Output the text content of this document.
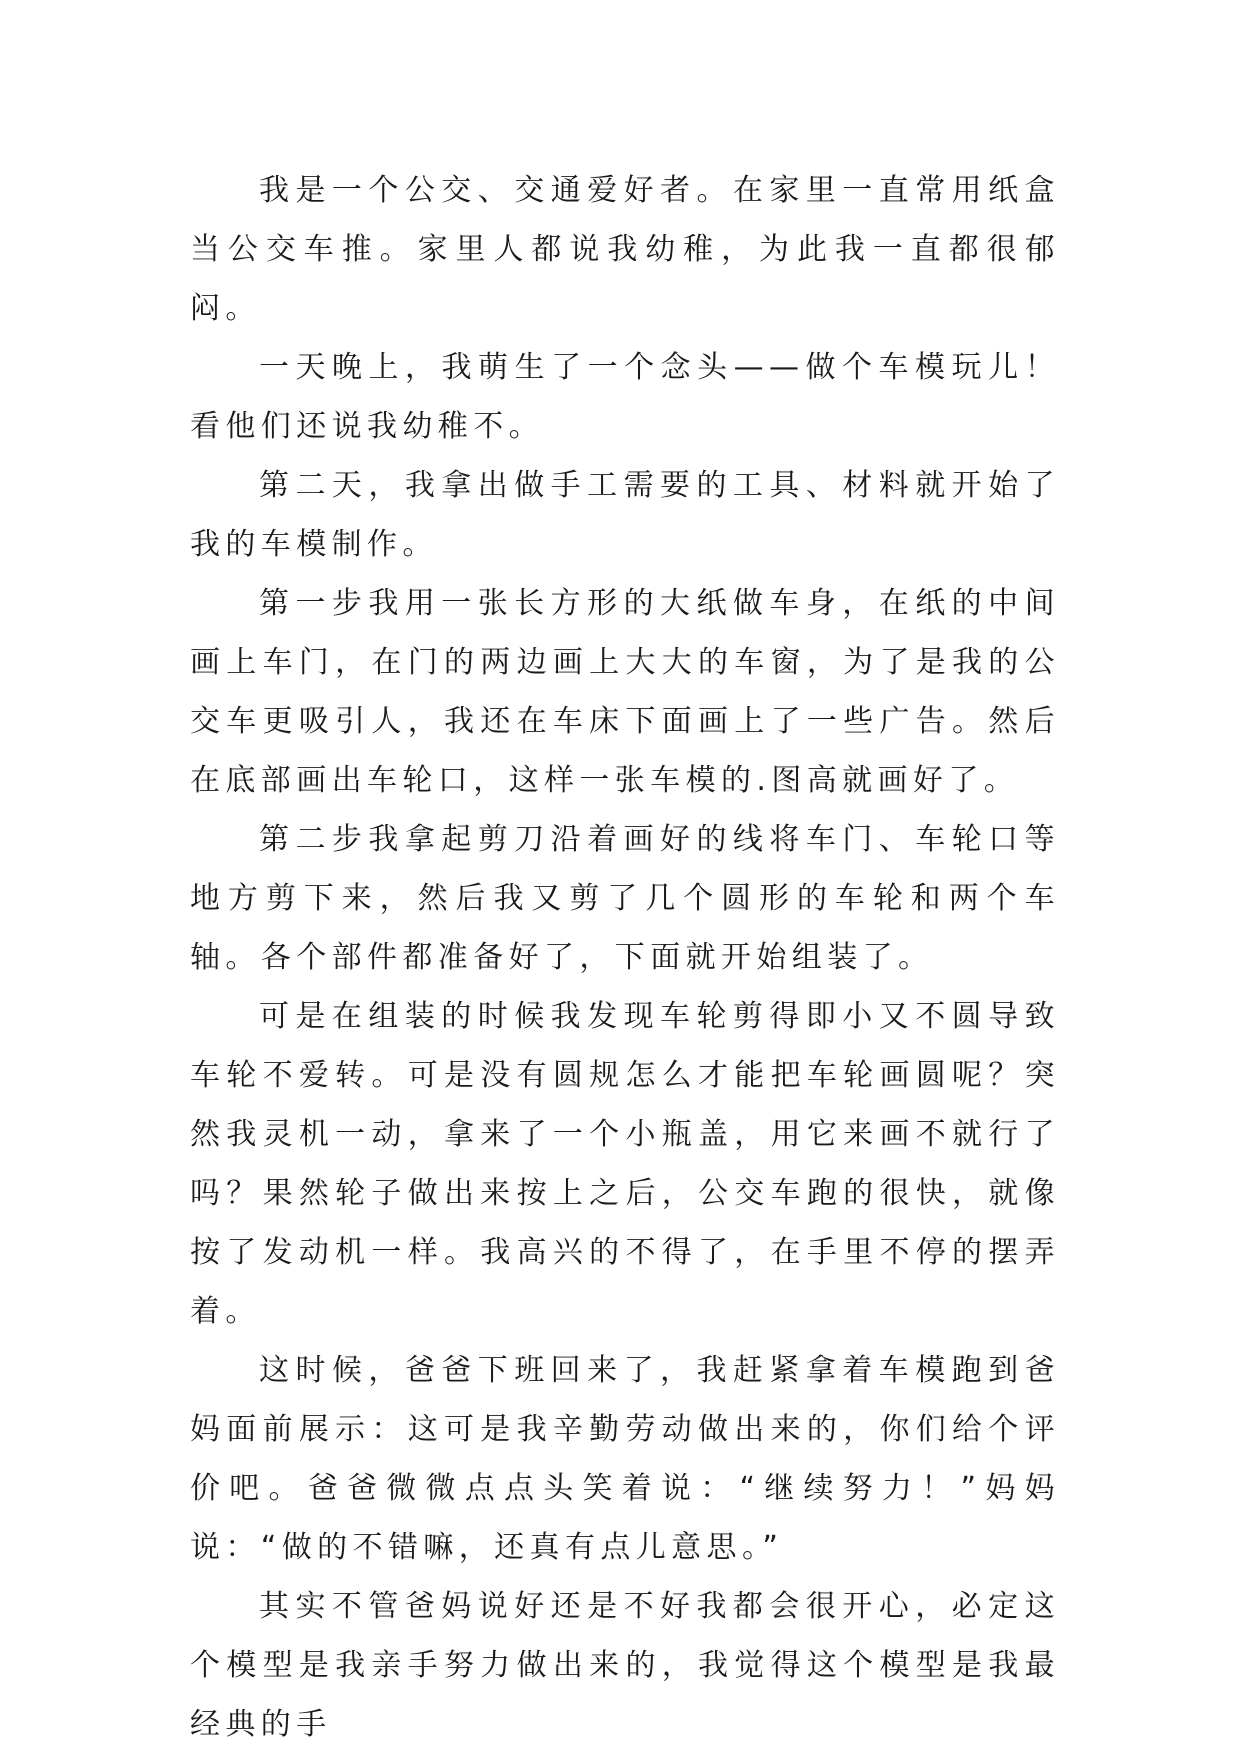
我是一个公交、交通爱好者。在家里一直常用纸盒当公交车推。家里人都说我幼稚，为此我一直都很郁闷。

一天晚上，我萌生了一个念头——做个车模玩儿！看他们还说我幼稚不。

第二天，我拿出做手工需要的工具、材料就开始了我的车模制作。

第一步我用一张长方形的大纸做车身，在纸的中间画上车门，在门的两边画上大大的车窗，为了是我的公交车更吸引人，我还在车床下面画上了一些广告。然后在底部画出车轮口，这样一张车模的.图高就画好了。

第二步我拿起剪刀沿着画好的线将车门、车轮口等地方剪下来，然后我又剪了几个圆形的车轮和两个车轴。各个部件都准备好了，下面就开始组装了。

可是在组装的时候我发现车轮剪得即小又不圆导致车轮不爱转。可是没有圆规怎么才能把车轮画圆呢？突然我灵机一动，拿来了一个小瓶盖，用它来画不就行了吗？果然轮子做出来按上之后，公交车跑的很快，就像按了发动机一样。我高兴的不得了，在手里不停的摆弄着。

这时候，爸爸下班回来了，我赶紧拿着车模跑到爸妈面前展示：这可是我辛勤劳动做出来的，你们给个评价吧。爸爸微微点点头笑着说：“继续努力！”妈妈说：“做的不错嘛，还真有点儿意思。”

其实不管爸妈说好还是不好我都会很开心，必定这个模型是我亲手努力做出来的，我觉得这个模型是我最经典的手
